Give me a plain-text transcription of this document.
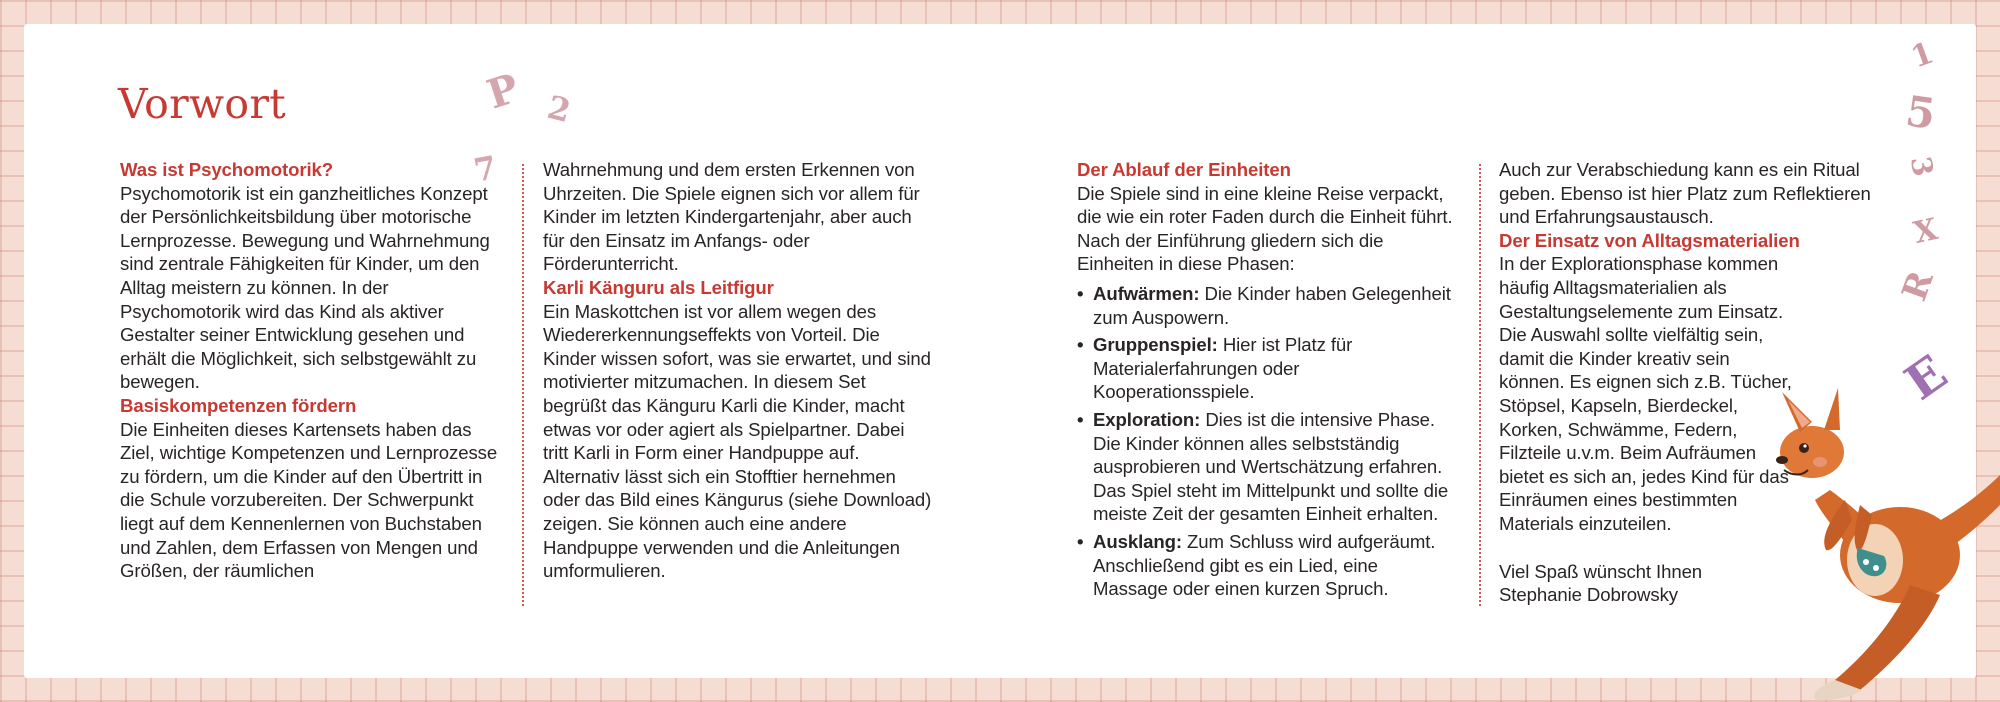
Vorwort	P 2
7
Was ist Psychomotorik?

Psychomotorik ist ein ganzheitliches Konzept der Persönlichkeitsbildung über motorische Lernprozesse. Bewegung und Wahrnehmung sind zentrale Fähigkeiten für Kinder, um den Alltag meistern zu können. In der Psychomotorik wird das Kind als aktiver Gestalter seiner Entwicklung gesehen und erhält die Möglichkeit, sich selbstgewählt zu bewegen.

Basiskompetenzen fördern

Die Einheiten dieses Kartensets haben das Ziel, wichtige Kompetenzen und Lernprozesse zu fördern, um die Kinder auf den Übertritt in die Schule vorzubereiten. Der Schwerpunkt liegt auf dem Kennenlernen von Buchstaben und Zahlen, dem Erfassen von Mengen und Größen, der räumlichen

Wahrnehmung und dem ersten Erkennen von Uhrzeiten. Die Spiele eignen sich vor allem für Kinder im letzten Kindergartenjahr, aber auch für den Einsatz im Anfangs- oder Förderunterricht.

Karli Känguru als Leitfigur

Ein Maskottchen ist vor allem wegen des Wiedererkennungseffekts von Vorteil. Die Kinder wissen sofort, was sie erwartet, und sind motivierter mitzumachen. In diesem Set begrüßt das Känguru Karli die Kinder, macht etwas vor oder agiert als Spielpartner. Dabei tritt Karli in Form einer Handpuppe auf. Alternativ lässt sich ein Stofftier hernehmen oder das Bild eines Kängurus (siehe Download) zeigen. Sie können auch eine andere Handpuppe verwenden und die Anleitungen umformulieren.

Der Ablauf der Einheiten

Die Spiele sind in eine kleine Reise verpackt, die wie ein roter Faden durch die Einheit führt. Nach der Einführung gliedern sich die Einheiten in diese Phasen:

• Aufwärmen: Die Kinder haben Gelegenheit zum Auspowern.
• Gruppenspiel: Hier ist Platz für Materialerfahrungen oder Kooperationsspiele.
• Exploration: Dies ist die intensive Phase. Die Kinder können alles selbstständig ausprobieren und Wertschätzung erfahren. Das Spiel steht im Mittelpunkt und sollte die meiste Zeit der gesamten Einheit erhalten.
• Ausklang: Zum Schluss wird aufgeräumt. Anschließend gibt es ein Lied, eine Massage oder einen kurzen Spruch.

Auch zur Verabschiedung kann es ein Ritual geben. Ebenso ist hier Platz zum Reflektieren und Erfahrungsaustausch.

Der Einsatz von Alltagsmaterialien

In der Explorationsphase kommen häufig Alltagsmaterialien als Gestaltungselemente zum Einsatz. Die Auswahl sollte vielfältig sein, damit die Kinder kreativ sein können. Es eignen sich z.B. Tücher, Stöpsel, Kapseln, Bierdeckel, Korken, Schwämme, Federn, Filzteile u.v.m. Beim Aufräumen bietet es sich an, jedes Kind für das Einräumen eines bestimmten Materials einzuteilen.

Viel Spaß wünscht Ihnen

Stephanie Dobrowsky

1
5
3
X
R
E
